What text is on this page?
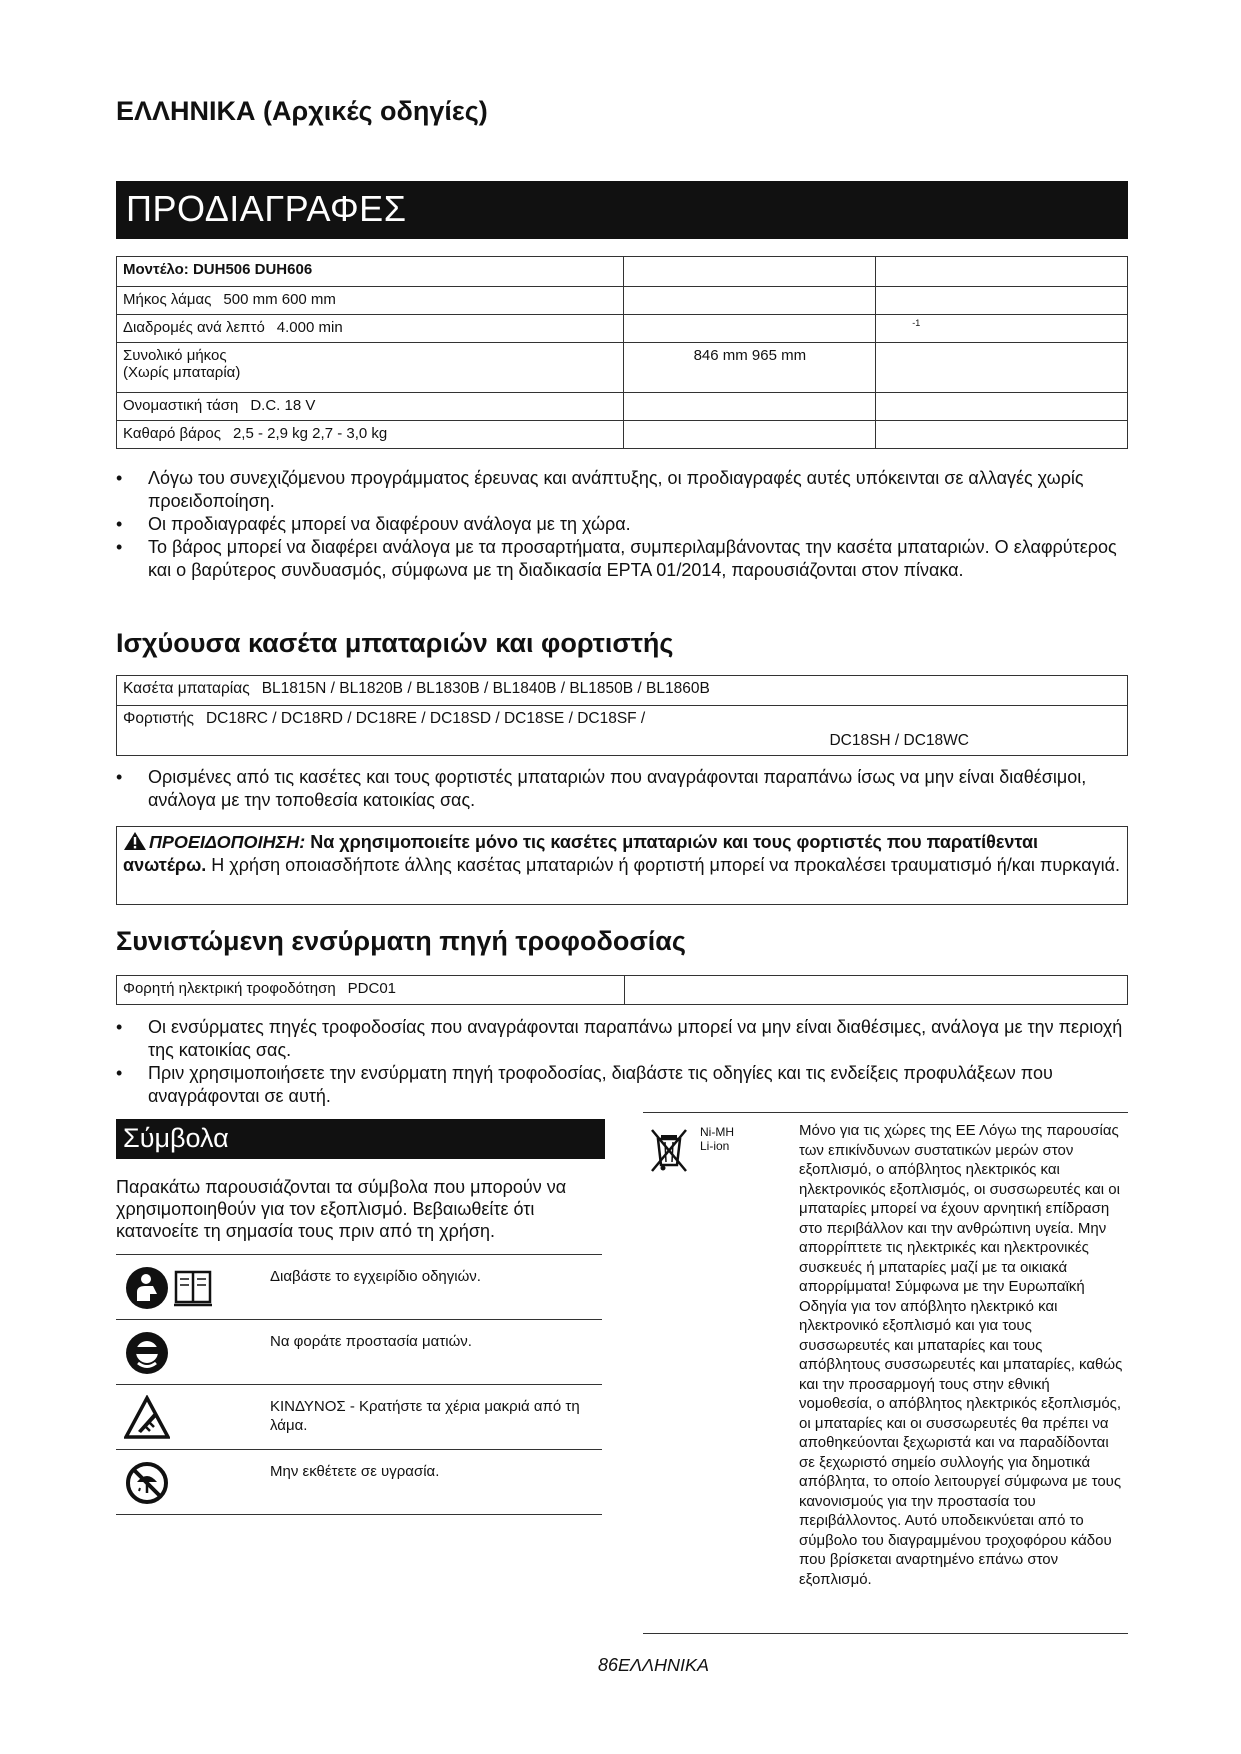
ΕΛΛΗΝΙΚΑ (Αρχικές οδηγίες)
ΠΡΟΔΙΑΓΡΑΦΕΣ
Μοντέλο: DUH506 DUH606		
Μήκος λάμας 500 mm 600 mm		
Διαδρομές ανά λεπτό 4.000 min		-1

Συνολικό μήκος
(Χωρίς μπαταρία)	846 mm 965 mm	
Ονομαστική τάση D.C. 18 V		
Καθαρό βάρος 2,5 - 2,9 kg 2,7 - 3,0 kg		
• Λόγω του συνεχιζόμενου προγράμματος έρευνας και ανάπτυξης, οι προδιαγραφές αυτές υπόκεινται σε αλλαγές χωρίς προειδοποίηση.
• Οι προδιαγραφές μπορεί να διαφέρουν ανάλογα με τη χώρα.
• Το βάρος μπορεί να διαφέρει ανάλογα με τα προσαρτήματα, συμπεριλαμβάνοντας την κασέτα μπαταριών. Ο ελαφρύτερος και ο βαρύτερος συνδυασμός, σύμφωνα με τη διαδικασία EPTA 01/2014, παρουσιάζονται στον πίνακα.
Ισχύουσα κασέτα μπαταριών και φορτιστής
Κασέτα μπαταρίας BL1815N / BL1820B / BL1830B / BL1840B / BL1850B / BL1860B
Φορτιστής DC18RC / DC18RD / DC18RE / DC18SD / DC18SE / DC18SF /
DC18SH / DC18WC
• Ορισμένες από τις κασέτες και τους φορτιστές μπαταριών που αναγράφονται παραπάνω ίσως να μην είναι διαθέσιμοι, ανάλογα με την τοποθεσία κατοικίας σας.
ΠΡΟΕΙΔΟΠΟΙΗΣΗ: Να χρησιμοποιείτε μόνο τις κασέτες μπαταριών και τους φορτιστές που παρατίθενται ανωτέρω. Η χρήση οποιασδήποτε άλλης κασέτας μπαταριών ή φορτιστή μπορεί να προκαλέσει τραυματισμό ή/και πυρκαγιά.
Συνιστώμενη ενσύρματη πηγή τροφοδοσίας
Φορητή ηλεκτρική τροφοδότηση PDC01	
• Οι ενσύρματες πηγές τροφοδοσίας που αναγράφονται παραπάνω μπορεί να μην είναι διαθέσιμες, ανάλογα με την περιοχή της κατοικίας σας.
• Πριν χρησιμοποιήσετε την ενσύρματη πηγή τροφοδοσίας, διαβάστε τις οδηγίες και τις ενδείξεις προφυλάξεων που αναγράφονται σε αυτή.
Σύμβολα
Παρακάτω παρουσιάζονται τα σύμβολα που μπορούν να χρησιμοποιηθούν για τον εξοπλισμό. Βεβαιωθείτε ότι κατανοείτε τη σημασία τους πριν από τη χρήση.
Διαβάστε το εγχειρίδιο οδηγιών.
Να φοράτε προστασία ματιών.
ΚΙΝΔΥΝΟΣ - Κρατήστε τα χέρια μακριά από τη λάμα.
Μην εκθέτετε σε υγρασία.
Ni-MH
Li-ion
Μόνο για τις χώρες της ΕΕ Λόγω της παρουσίας των επικίνδυνων συστατικών μερών στον εξοπλισμό, ο απόβλητος ηλεκτρικός και ηλεκτρονικός εξοπλισμός, οι συσσωρευτές και οι μπαταρίες μπορεί να έχουν αρνητική επίδραση στο περιβάλλον και την ανθρώπινη υγεία. Μην απορρίπτετε τις ηλεκτρικές και ηλεκτρονικές συσκευές ή μπαταρίες μαζί με τα οικιακά απορρίμματα! Σύμφωνα με την Ευρωπαϊκή Οδηγία για τον απόβλητο ηλεκτρικό και ηλεκτρονικό εξοπλισμό και για τους συσσωρευτές και μπαταρίες και τους απόβλητους συσσωρευτές και μπαταρίες, καθώς και την προσαρμογή τους στην εθνική νομοθεσία, ο απόβλητος ηλεκτρικός εξοπλισμός, οι μπαταρίες και οι συσσωρευτές θα πρέπει να αποθηκεύονται ξεχωριστά και να παραδίδονται σε ξεχωριστό σημείο συλλογής για δημοτικά απόβλητα, το οποίο λειτουργεί σύμφωνα με τους κανονισμούς για την προστασία του περιβάλλοντος. Αυτό υποδεικνύεται από το σύμβολο του διαγραμμένου τροχοφόρου κάδου που βρίσκεται αναρτημένο επάνω στον εξοπλισμό.
86ΕΛΛΗΝΙΚΑ
